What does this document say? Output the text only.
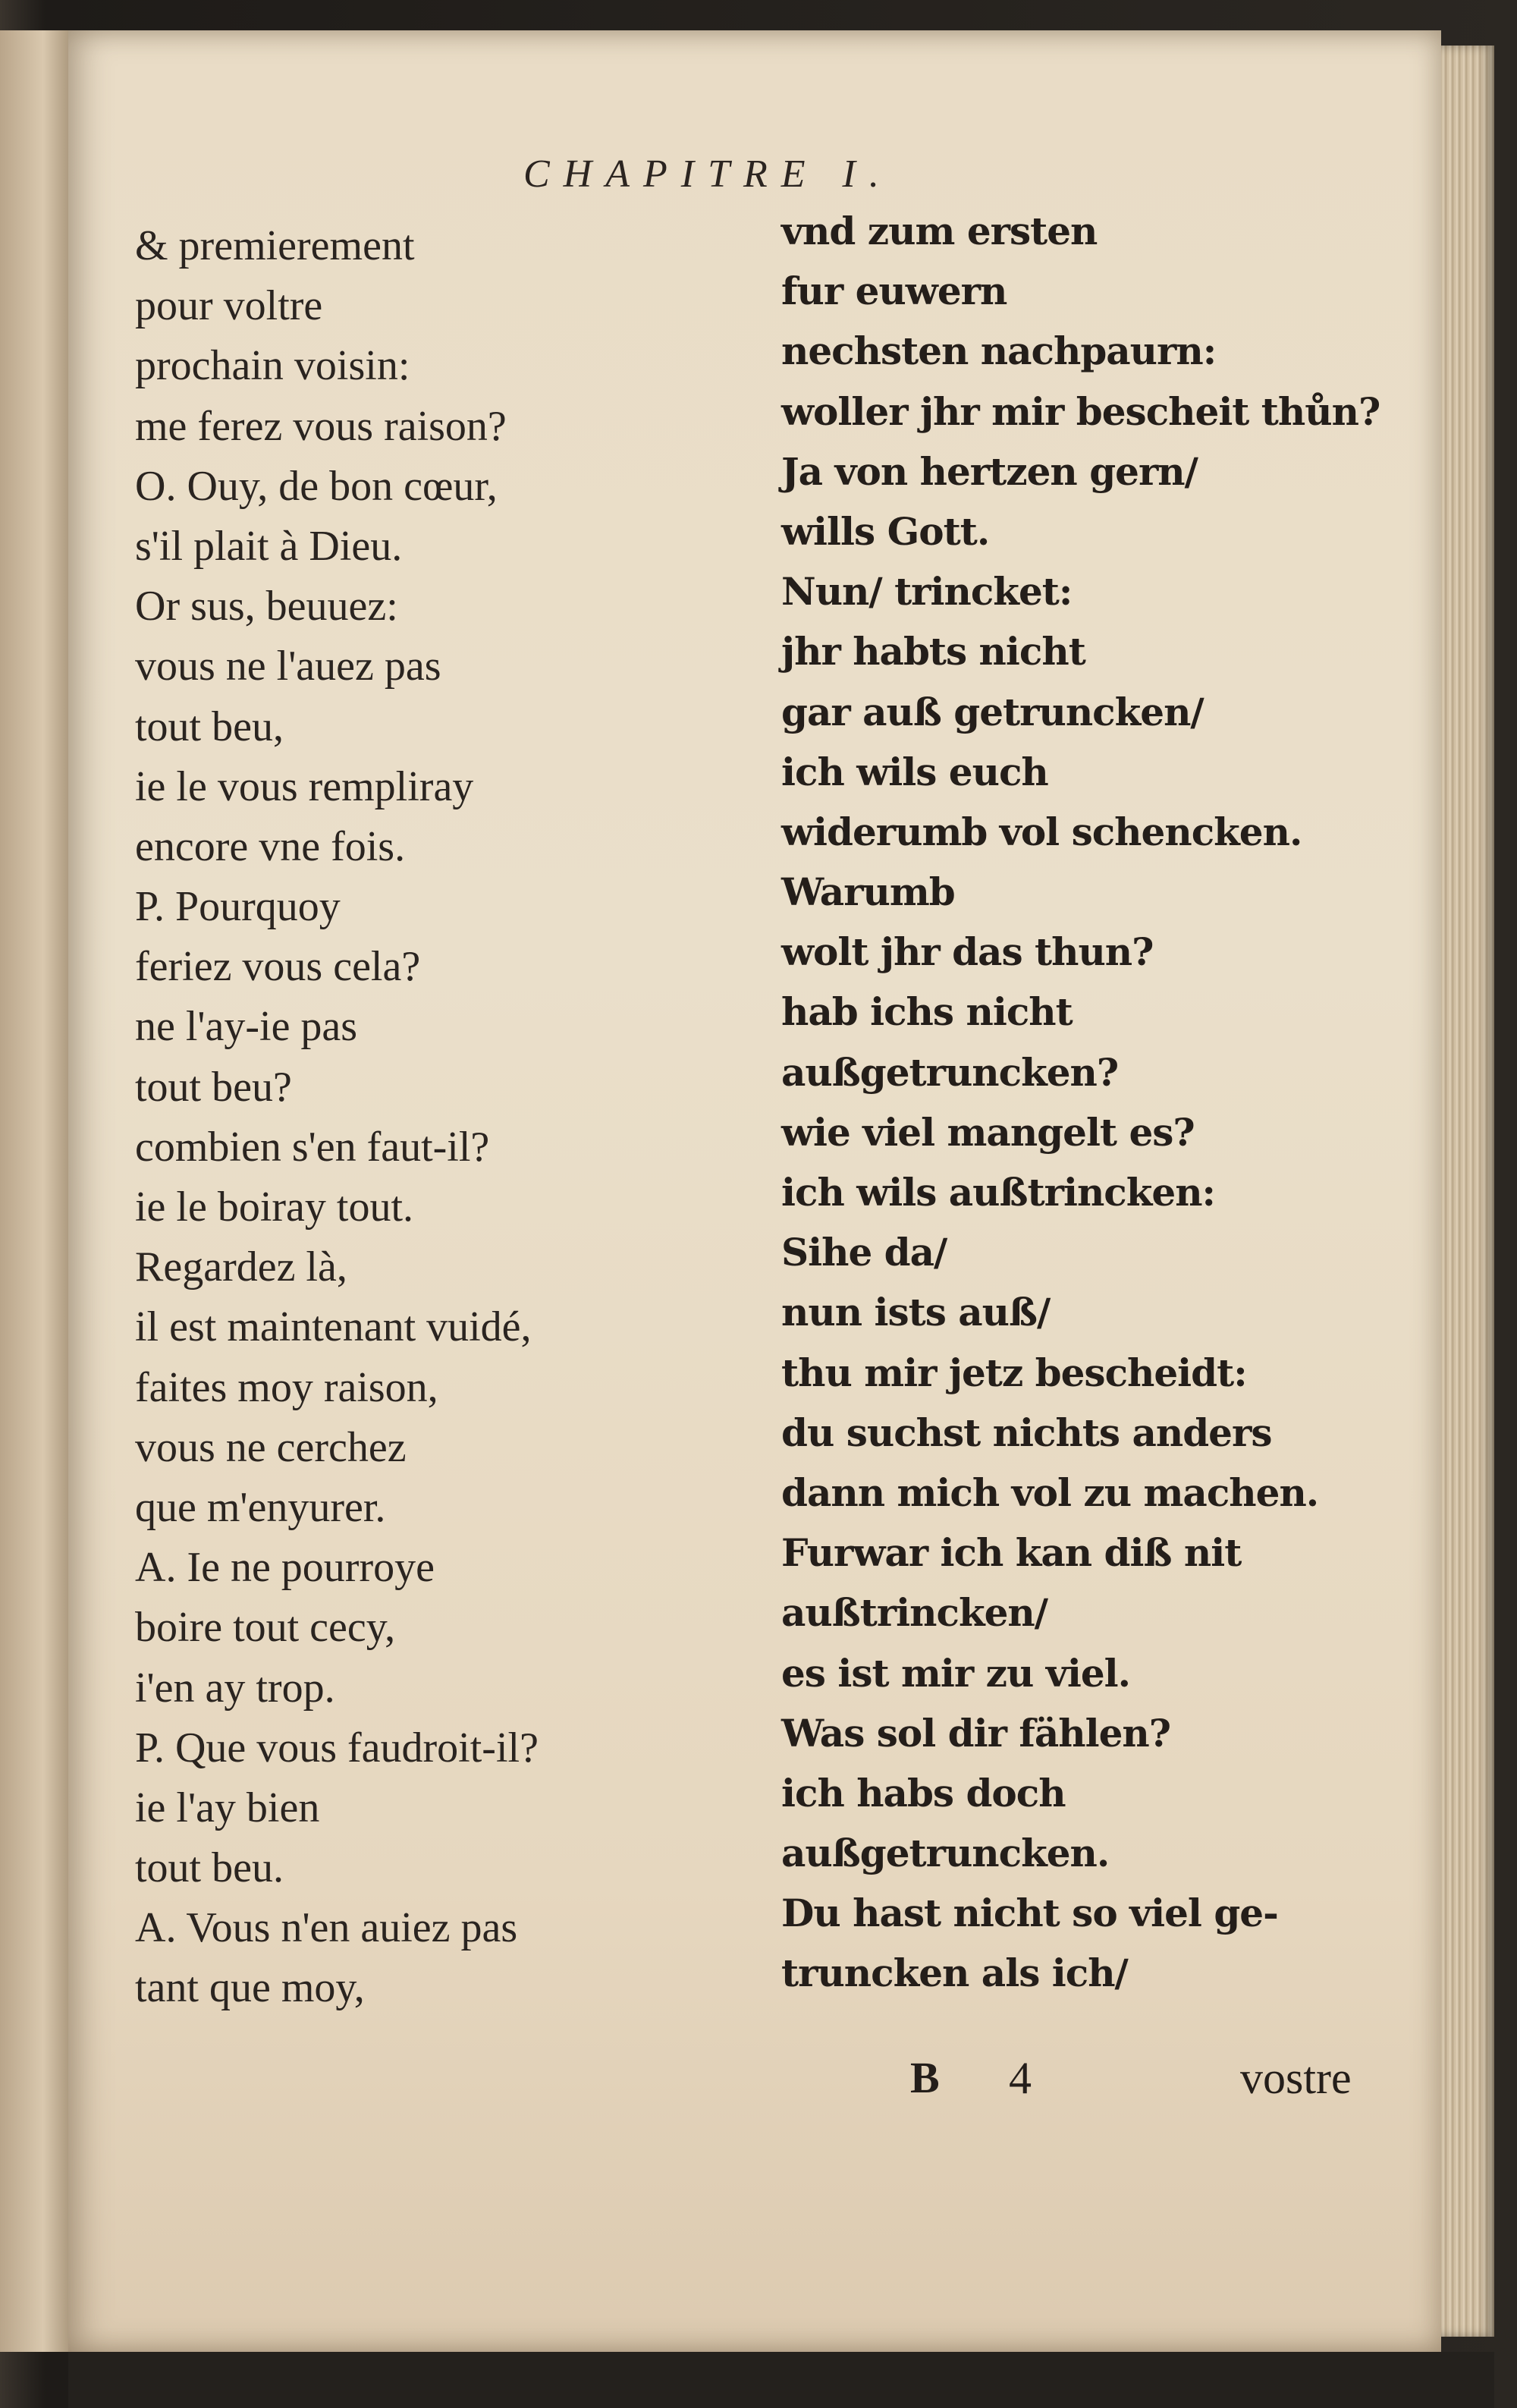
CHAPITRE I.
& premierement
pour voltre
prochain voisin:
me ferez vous raison?
O. Ouy, de bon cœur,
s'il plait à Dieu.
Or sus, beuuez:
vous ne l'auez pas
tout beu,
ie le vous rempliray
encore vne fois.
P. Pourquoy
feriez vous cela?
ne l'ay-ie pas
tout beu?
combien s'en faut-il?
ie le boiray tout.
Regardez là,
il est maintenant vuidé,
faites moy raison,
vous ne cerchez
que m'enyurer.
A. Ie ne pourroye
boire tout cecy,
i'en ay trop.
P. Que vous faudroit-il?
ie l'ay bien
tout beu.
A. Vous n'en auiez pas
tant que moy,
vnd zum ersten
fur euwern
nechsten nachpaurn:
woller jhr mir bescheit thůn?
Ja von hertzen gern/
wills Gott.
Nun/ trincket:
jhr habts nicht
gar auß getruncken/
ich wils euch
widerumb vol schencken.
Warumb
wolt jhr das thun?
hab ichs nicht
außgetruncken?
wie viel mangelt es?
ich wils außtrincken:
Sihe da/
nun ists auß/
thu mir jetz bescheidt:
du suchst nichts anders
dann mich vol zu machen.
Furwar ich kan diß nit
außtrincken/
es ist mir zu viel.
Was sol dir fählen?
ich habs doch
außgetruncken.
Du hast nicht so viel ge-
truncken als ich/
B 4	vostre
